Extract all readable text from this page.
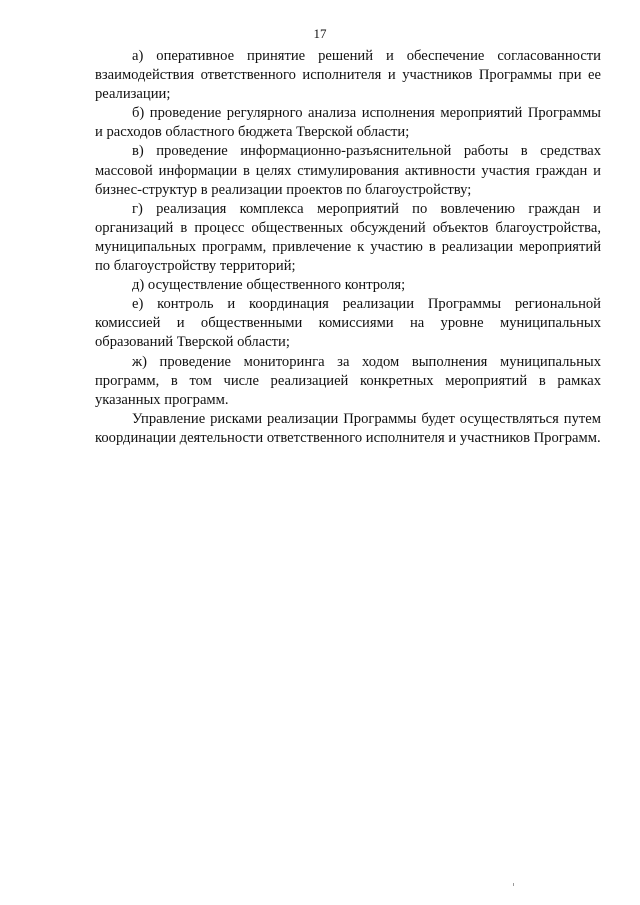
17

а) оперативное принятие решений и обеспечение согласованности взаимодействия ответственного исполнителя и участников Программы при ее реализации;

б) проведение регулярного анализа исполнения мероприятий Программы и расходов областного бюджета Тверской области;

в) проведение информационно-разъяснительной работы в средствах массовой информации в целях стимулирования активности участия граждан и бизнес-структур в реализации проектов по благоустройству;

г) реализация комплекса мероприятий по вовлечению граждан и организаций в процесс общественных обсуждений объектов благоустройства, муниципальных программ, привлечение к участию в реализации мероприятий по благоустройству территорий;

д) осуществление общественного контроля;

е) контроль и координация реализации Программы региональной комиссией и общественными комиссиями на уровне муниципальных образований Тверской области;

ж) проведение мониторинга за ходом выполнения муниципальных программ, в том числе реализацией конкретных мероприятий в рамках указанных программ.

Управление рисками реализации Программы будет осуществляться путем координации деятельности ответственного исполнителя и участников Программ.
